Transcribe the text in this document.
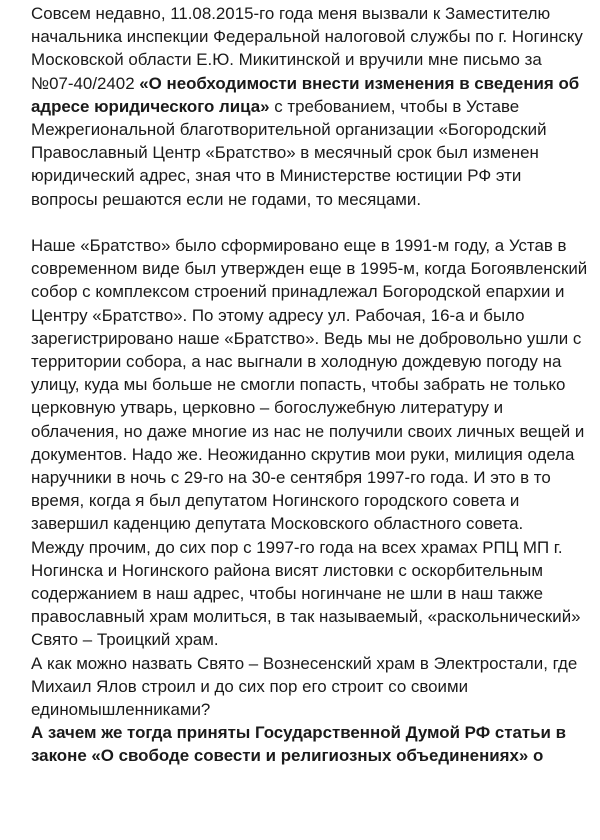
Совсем недавно, 11.08.2015-го года меня вызвали к Заместителю начальника инспекции Федеральной налоговой службы по г. Ногинску Московской области Е.Ю. Микитинской и вручили мне письмо за №07-40/2402 «О необходимости внести изменения в сведения об адресе юридического лица» с требованием, чтобы в Уставе Межрегиональной благотворительной организации «Богородский Православный Центр «Братство» в месячный срок был изменен юридический адрес, зная что в Министерстве юстиции РФ эти вопросы решаются если не годами, то месяцами.

Наше «Братство» было сформировано еще в 1991-м году, а Устав в современном виде был утвержден еще в 1995-м, когда Богоявленский собор с комплексом строений принадлежал Богородской епархии и Центру «Братство». По этому адресу ул. Рабочая, 16-а и было зарегистрировано наше «Братство». Ведь мы не добровольно ушли с территории собора, а нас выгнали в холодную дождевую погоду на улицу, куда мы больше не смогли попасть, чтобы забрать не только церковную утварь, церковно – богослужебную литературу и облачения, но даже многие из нас не получили своих личных вещей и документов. Надо же. Неожиданно скрутив мои руки, милиция одела наручники в ночь с 29-го на 30-е сентября 1997-го года. И это в то время, когда я был депутатом Ногинского городского совета и завершил каденцию депутата Московского областного совета.

Между прочим, до сих пор с 1997-го года на всех храмах РПЦ МП г. Ногинска и Ногинского района висят листовки с оскорбительным содержанием в наш адрес, чтобы ногинчане не шли в наш также православный храм молиться, в так называемый, «раскольнический» Свято – Троицкий храм.

А как можно назвать Свято – Вознесенский храм в Электростали, где Михаил Ялов строил и до сих пор его строит со своими единомышленниками?

А зачем же тогда приняты Государственной Думой РФ статьи в законе «О свободе совести и религиозных объединениях» о
